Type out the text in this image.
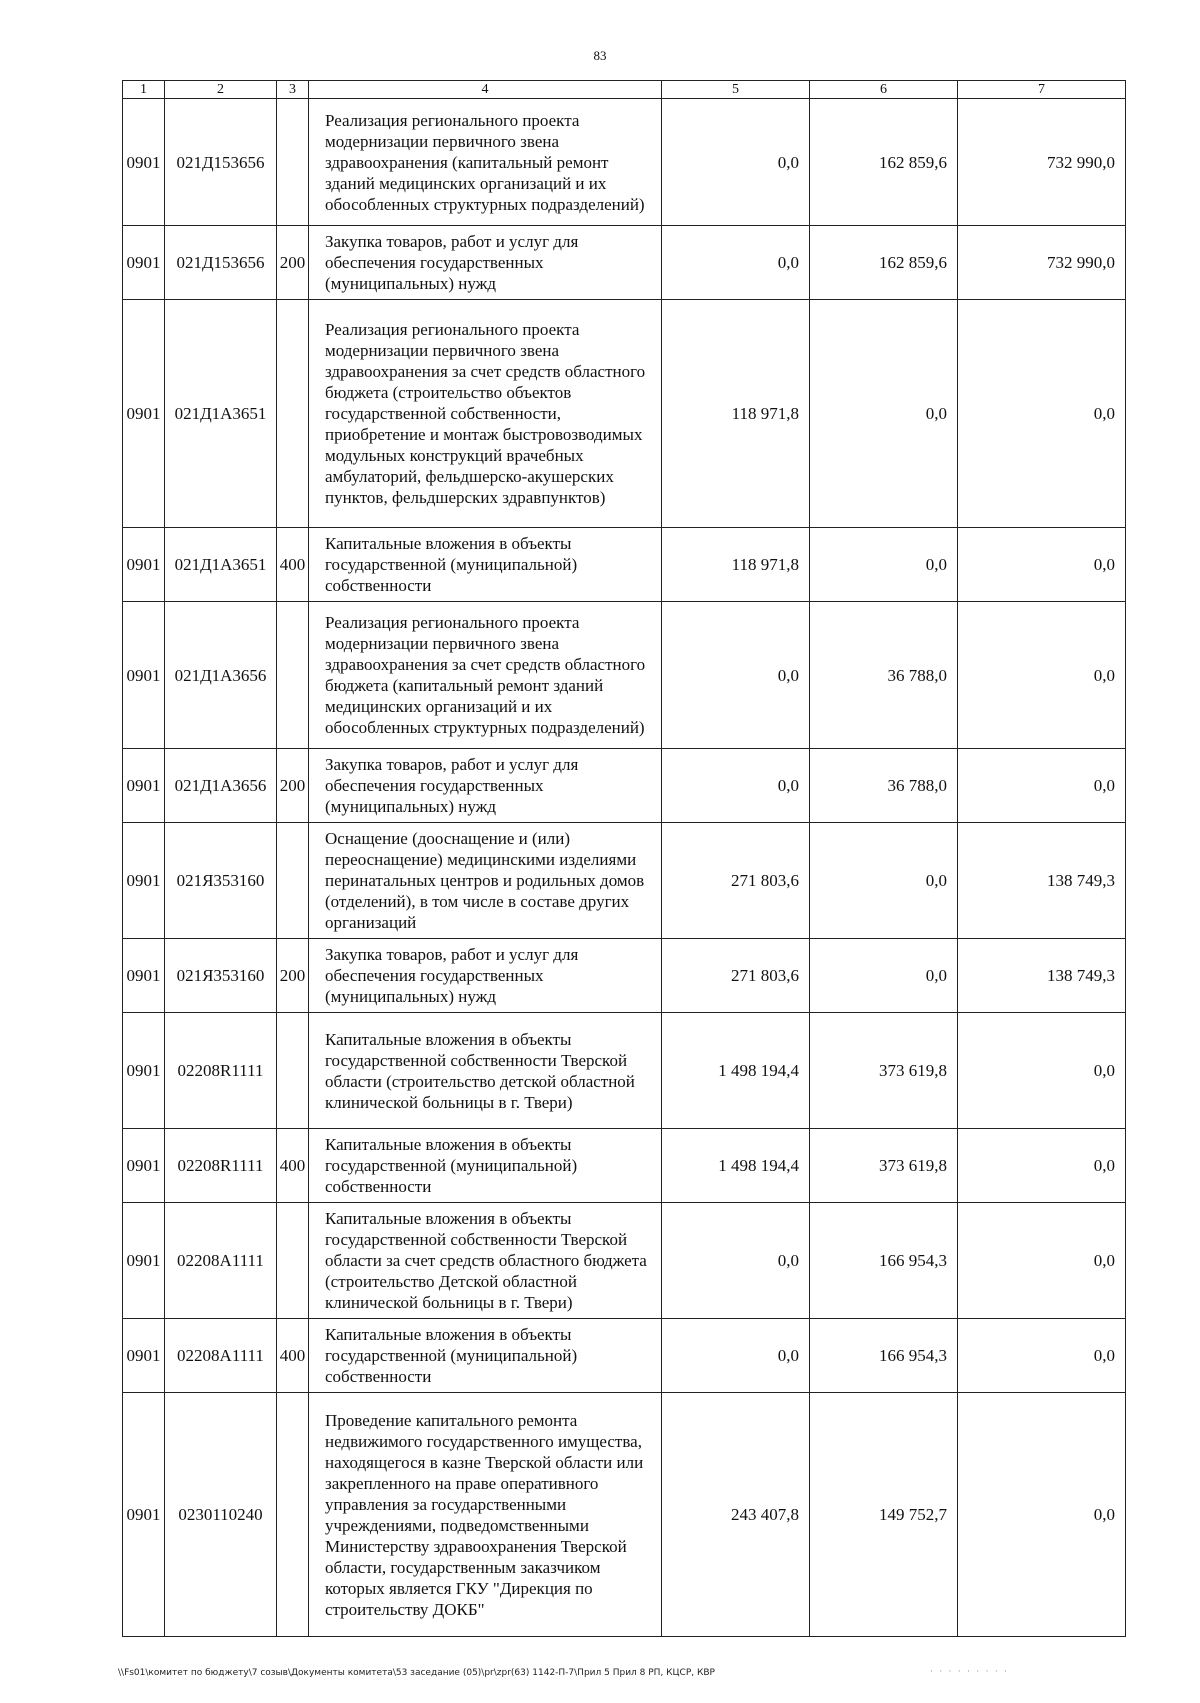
83
1	2	3	4	5	6	7
0901	021Д153656		Реализация регионального проекта модернизации первичного звена здравоохранения (капитальный ремонт зданий медицинских организаций и их обособленных структурных подразделений)	0,0	162 859,6	732 990,0
0901	021Д153656	200	Закупка товаров, работ и услуг для обеспечения государственных (муниципальных) нужд	0,0	162 859,6	732 990,0
0901	021Д1А3651		Реализация регионального проекта модернизации первичного звена здравоохранения за счет средств областного бюджета (строительство объектов государственной собственности, приобретение и монтаж быстровозводимых модульных конструкций врачебных амбулаторий, фельдшерско-акушерских пунктов, фельдшерских здравпунктов)	118 971,8	0,0	0,0
0901	021Д1А3651	400	Капитальные вложения в объекты государственной (муниципальной) собственности	118 971,8	0,0	0,0
0901	021Д1А3656		Реализация регионального проекта модернизации первичного звена здравоохранения за счет средств областного бюджета (капитальный ремонт зданий медицинских организаций и их обособленных структурных подразделений)	0,0	36 788,0	0,0
0901	021Д1А3656	200	Закупка товаров, работ и услуг для обеспечения государственных (муниципальных) нужд	0,0	36 788,0	0,0
0901	021Я353160		Оснащение (дооснащение и (или) переоснащение) медицинскими изделиями перинатальных центров и родильных домов (отделений), в том числе в составе других организаций	271 803,6	0,0	138 749,3
0901	021Я353160	200	Закупка товаров, работ и услуг для обеспечения государственных (муниципальных) нужд	271 803,6	0,0	138 749,3
0901	02208R1111		Капитальные вложения в объекты государственной собственности Тверской области (строительство детской областной клинической больницы в г. Твери)	1 498 194,4	373 619,8	0,0
0901	02208R1111	400	Капитальные вложения в объекты государственной (муниципальной) собственности	1 498 194,4	373 619,8	0,0
0901	02208A1111		Капитальные вложения в объекты государственной собственности Тверской области за счет средств областного бюджета (строительство Детской областной клинической больницы в г. Твери)	0,0	166 954,3	0,0
0901	02208A1111	400	Капитальные вложения в объекты государственной (муниципальной) собственности	0,0	166 954,3	0,0
0901	0230110240		Проведение капитального ремонта недвижимого государственного имущества, находящегося в казне Тверской области или закрепленного на праве оперативного управления за государственными учреждениями, подведомственными Министерству здравоохранения Тверской области, государственным заказчиком которых является ГКУ "Дирекция по строительству ДОКБ"	243 407,8	149 752,7	0,0
\\Fs01\комитет по бюджету\7 созыв\Документы комитета\53 заседание (05)\pr\zpr(63) 1142-П-7\Прил 5 Прил 8 РП, КЦСР, КВР	· · · · · · · · ·
